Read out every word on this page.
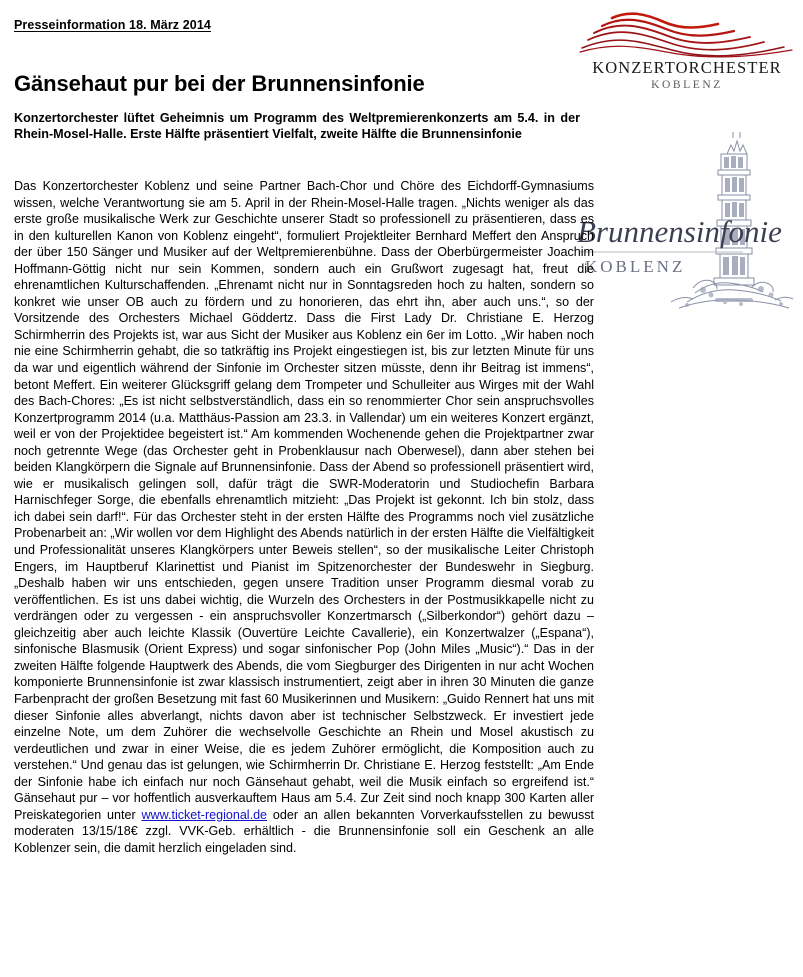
Presseinformation 18. März 2014
Gänsehaut pur bei der Brunnensinfonie
Konzertorchester lüftet Geheimnis um Programm des Weltpremierenkonzerts am 5.4. in der Rhein-Mosel-Halle. Erste Hälfte präsentiert Vielfalt, zweite Hälfte die Brunnensinfonie
KONZERTORCHESTER
KOBLENZ
Brunnensinfonie
KOBLENZ
Das Konzertorchester Koblenz und seine Partner Bach-Chor und Chöre des Eichdorff-Gymnasiums wissen, welche Verantwortung sie am 5. April in der Rhein-Mosel-Halle tragen. „Nichts weniger als das erste große musikalische Werk zur Geschichte unserer Stadt so professionell zu präsentieren, dass es in den kulturellen Kanon von Koblenz eingeht“, formuliert Projektleiter Bernhard Meffert den Anspruch der über 150 Sänger und Musiker auf der Weltpremierenbühne. Dass der Oberbürgermeister Joachim Hoffmann-Göttig nicht nur sein Kommen, sondern auch ein Grußwort zugesagt hat, freut die ehrenamtlichen Kulturschaffenden. „Ehrenamt nicht nur in Sonntagsreden hoch zu halten, sondern so konkret wie unser OB auch zu fördern und zu honorieren, das ehrt ihn, aber auch uns.“, so der Vorsitzende des Orchesters Michael Göddertz. Dass die First Lady Dr. Christiane E. Herzog Schirmherrin des Projekts ist, war aus Sicht der Musiker aus Koblenz ein 6er im Lotto. „Wir haben noch nie eine Schirmherrin gehabt, die so tatkräftig ins Projekt eingestiegen ist, bis zur letzten Minute für uns da war und eigentlich während der Sinfonie im Orchester sitzen müsste, denn ihr Beitrag ist immens“, betont Meffert. Ein weiterer Glücksgriff gelang dem Trompeter und Schulleiter aus Wirges mit der Wahl des Bach-Chores: „Es ist nicht selbstverständlich, dass ein so renommierter Chor sein anspruchsvolles Konzertprogramm 2014 (u.a. Matthäus-Passion am 23.3. in Vallendar) um ein weiteres Konzert ergänzt, weil er von der Projektidee begeistert ist.“ Am kommenden Wochenende gehen die Projektpartner zwar noch getrennte Wege (das Orchester geht in Probenklausur nach Oberwesel), dann aber stehen bei beiden Klangkörpern die Signale auf Brunnensinfonie. Dass der Abend so professionell präsentiert wird, wie er musikalisch gelingen soll, dafür trägt die SWR-Moderatorin und Studiochefin Barbara Harnischfeger Sorge, die ebenfalls ehrenamtlich mitzieht: „Das Projekt ist gekonnt. Ich bin stolz, dass ich dabei sein darf!“. Für das Orchester steht in der ersten Hälfte des Programms noch viel zusätzliche Probenarbeit an: „Wir wollen vor dem Highlight des Abends natürlich in der ersten Hälfte die Vielfältigkeit und Professionalität unseres Klangkörpers unter Beweis stellen“, so der musikalische Leiter Christoph Engers, im Hauptberuf Klarinettist und Pianist im Spitzenorchester der Bundeswehr in Siegburg. „Deshalb haben wir uns entschieden, gegen unsere Tradition unser Programm diesmal vorab zu veröffentlichen. Es ist uns dabei wichtig, die Wurzeln des Orchesters in der Postmusikkapelle nicht zu verdrängen oder zu vergessen - ein anspruchsvoller Konzertmarsch („Silberkondor“) gehört dazu – gleichzeitig aber auch leichte Klassik (Ouvertüre Leichte Cavallerie), ein Konzertwalzer („Espana“), sinfonische Blasmusik (Orient Express) und sogar sinfonischer Pop (John Miles „Music“).“ Das in der zweiten Hälfte folgende Hauptwerk des Abends, die vom Siegburger des Dirigenten in nur acht Wochen komponierte Brunnensinfonie ist zwar klassisch instrumentiert, zeigt aber in ihren 30 Minuten die ganze Farbenpracht der großen Besetzung mit fast 60 Musikerinnen und Musikern: „Guido Rennert hat uns mit dieser Sinfonie alles abverlangt, nichts davon aber ist technischer Selbstzweck. Er investiert jede einzelne Note, um dem Zuhörer die wechselvolle Geschichte an Rhein und Mosel akustisch zu verdeutlichen und zwar in einer Weise, die es jedem Zuhörer ermöglicht, die Komposition auch zu verstehen.“ Und genau das ist gelungen, wie Schirmherrin Dr. Christiane E. Herzog feststellt: „Am Ende der Sinfonie habe ich einfach nur noch Gänsehaut gehabt, weil die Musik einfach so ergreifend ist.“ Gänsehaut pur – vor hoffentlich ausverkauftem Haus am 5.4. Zur Zeit sind noch knapp 300 Karten aller Preiskategorien unter www.ticket-regional.de oder an allen bekannten Vorverkaufsstellen zu bewusst moderaten 13/15/18€ zzgl. VVK-Geb. erhältlich - die Brunnensinfonie soll ein Geschenk an alle Koblenzer sein, die damit herzlich eingeladen sind.
